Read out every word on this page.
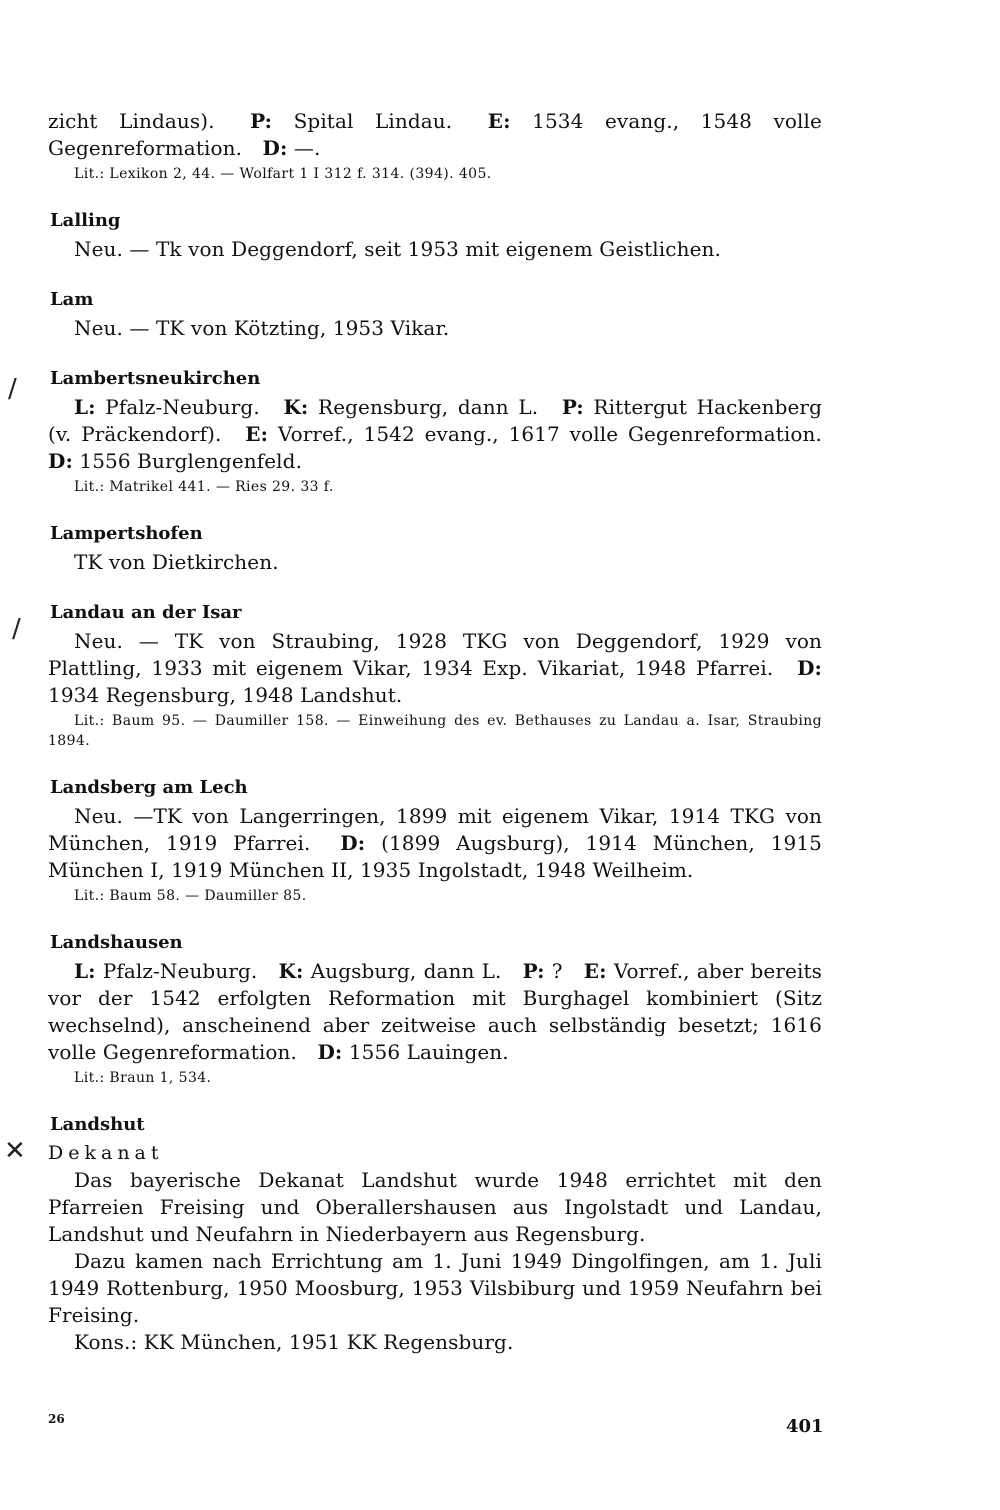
zicht Lindaus). P: Spital Lindau. E: 1534 evang., 1548 volle Gegenreformation. D: —.

Lit.: Lexikon 2, 44. — Wolfart 1 I 312 f. 314. (394). 405.

Lalling

Neu. — Tk von Deggendorf, seit 1953 mit eigenem Geistlichen.

Lam

Neu. — TK von Kötzting, 1953 Vikar.

Lambertsneukirchen

L: Pfalz-Neuburg. K: Regensburg, dann L. P: Rittergut Hackenberg (v. Präckendorf). E: Vorref., 1542 evang., 1617 volle Gegenreformation. D: 1556 Burglengenfeld.

Lit.: Matrikel 441. — Ries 29. 33 f.

Lampertshofen

TK von Dietkirchen.

Landau an der Isar

Neu. — TK von Straubing, 1928 TKG von Deggendorf, 1929 von Plattling, 1933 mit eigenem Vikar, 1934 Exp. Vikariat, 1948 Pfarrei. D: 1934 Regensburg, 1948 Landshut.

Lit.: Baum 95. — Daumiller 158. — Einweihung des ev. Bethauses zu Landau a. Isar, Straubing 1894.

Landsberg am Lech

Neu. —TK von Langerringen, 1899 mit eigenem Vikar, 1914 TKG von München, 1919 Pfarrei. D: (1899 Augsburg), 1914 München, 1915 München I, 1919 München II, 1935 Ingolstadt, 1948 Weilheim.

Lit.: Baum 58. — Daumiller 85.

Landshausen

L: Pfalz-Neuburg. K: Augsburg, dann L. P: ? E: Vorref., aber bereits vor der 1542 erfolgten Reformation mit Burghagel kombiniert (Sitz wechselnd), anscheinend aber zeitweise auch selbständig besetzt; 1616 volle Gegenreformation. D: 1556 Lauingen.

Lit.: Braun 1, 534.

Landshut

Dekanat

Das bayerische Dekanat Landshut wurde 1948 errichtet mit den Pfarreien Freising und Oberallershausen aus Ingolstadt und Landau, Landshut und Neufahrn in Niederbayern aus Regensburg.

Dazu kamen nach Errichtung am 1. Juni 1949 Dingolfingen, am 1. Juli 1949 Rottenburg, 1950 Moosburg, 1953 Vilsbiburg und 1959 Neufahrn bei Freising.

Kons.: KK München, 1951 KK Regensburg.

/
/
✕
26	401
